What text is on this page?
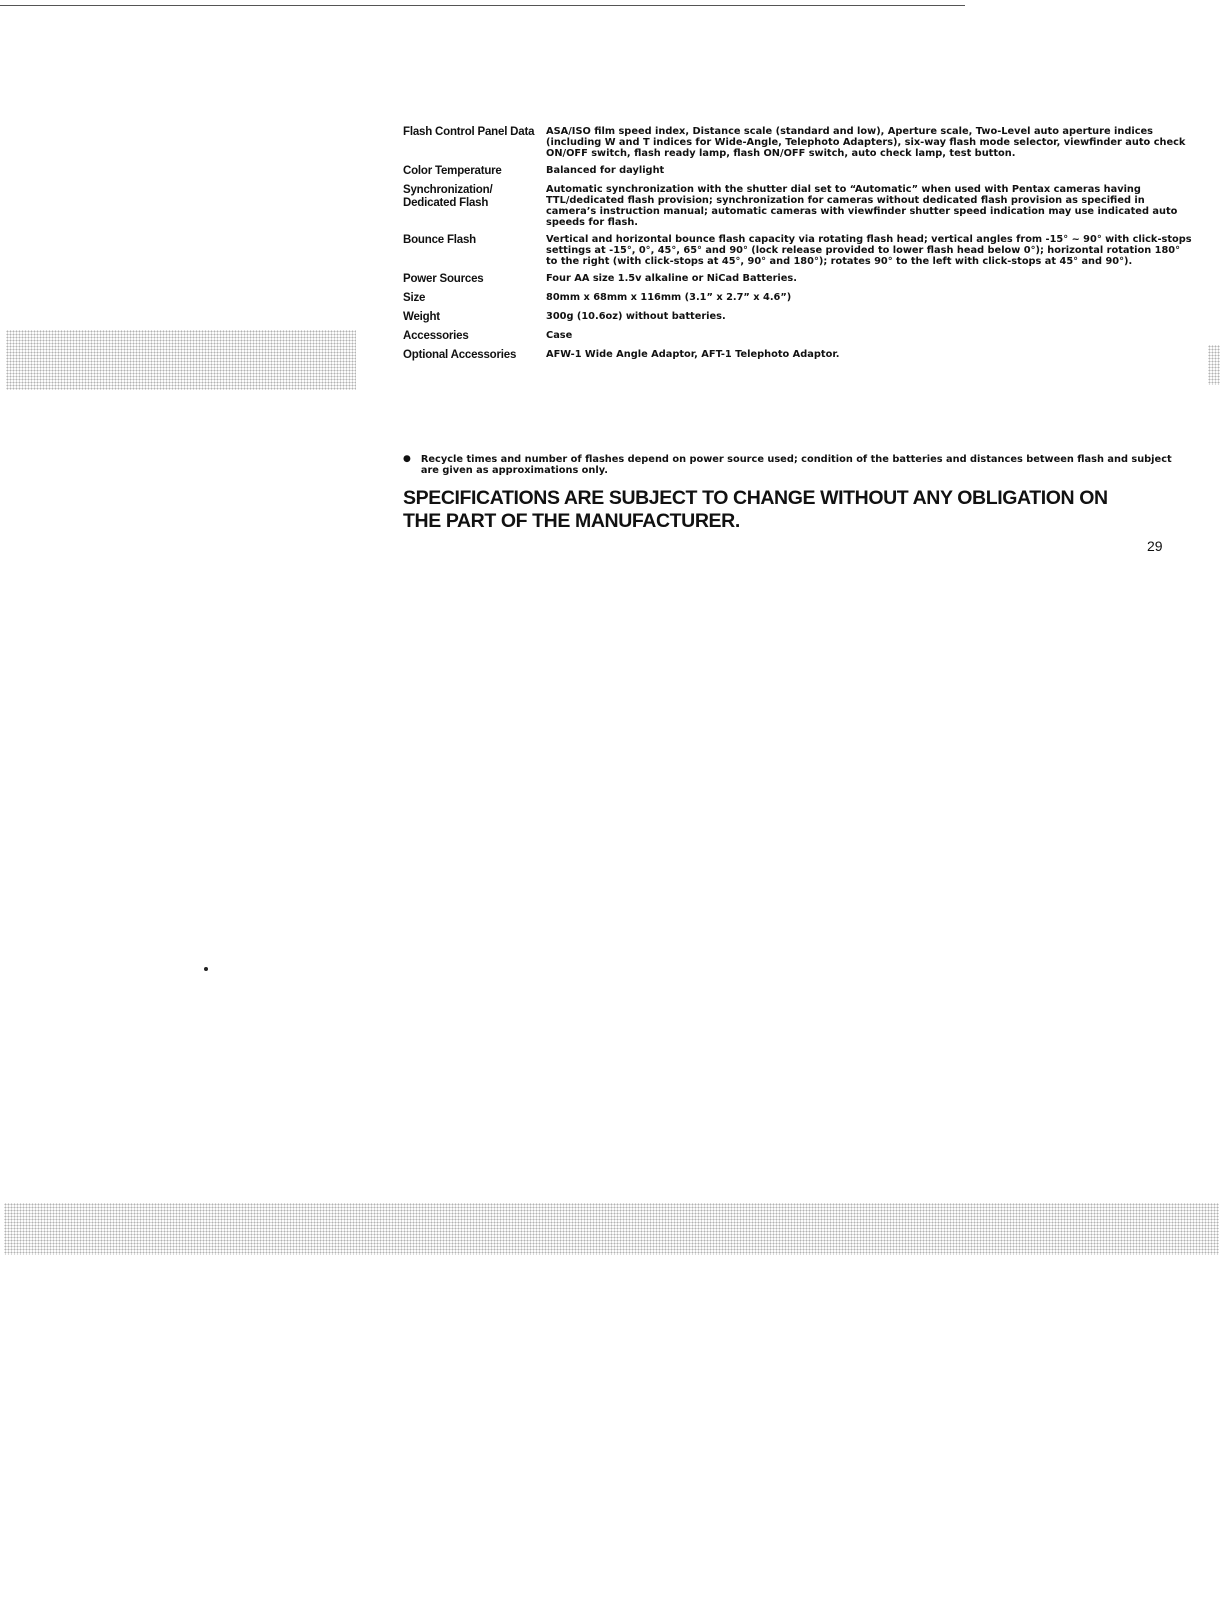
Flash Control Panel Data	ASA/ISO film speed index, Distance scale (standard and low), Aperture scale, Two-Level auto aperture indices (including W and T indices for Wide-Angle, Telephoto Adapters), six-way flash mode selector, viewfinder auto check ON/OFF switch, flash ready lamp, flash ON/OFF switch, auto check lamp, test button.
Color Temperature	Balanced for daylight
Synchronization/ Dedicated Flash	Automatic synchronization with the shutter dial set to “Automatic” when used with Pentax cameras having TTL/dedicated flash provision; synchronization for cameras without dedicated flash provision as specified in camera’s instruction manual; automatic cameras with viewfinder shutter speed indication may use indicated auto speeds for flash.
Bounce Flash	Vertical and horizontal bounce flash capacity via rotating flash head; vertical angles from -15° ~ 90° with click-stops settings at -15°, 0°, 45°, 65° and 90° (lock release provided to lower flash head below 0°); horizontal rotation 180° to the right (with click-stops at 45°, 90° and 180°); rotates 90° to the left with click-stops at 45° and 90°).
Power Sources	Four AA size 1.5v alkaline or NiCad Batteries.
Size	80mm x 68mm x 116mm (3.1” x 2.7” x 4.6”)
Weight	300g (10.6oz) without batteries.
Accessories	Case
Optional Accessories	AFW-1 Wide Angle Adaptor, AFT-1 Telephoto Adaptor.
● Recycle times and number of flashes depend on power source used; condition of the batteries and distances between flash and subject are given as approximations only.
SPECIFICATIONS ARE SUBJECT TO CHANGE WITHOUT ANY OBLIGATION ON THE PART OF THE MANUFACTURER.
29
